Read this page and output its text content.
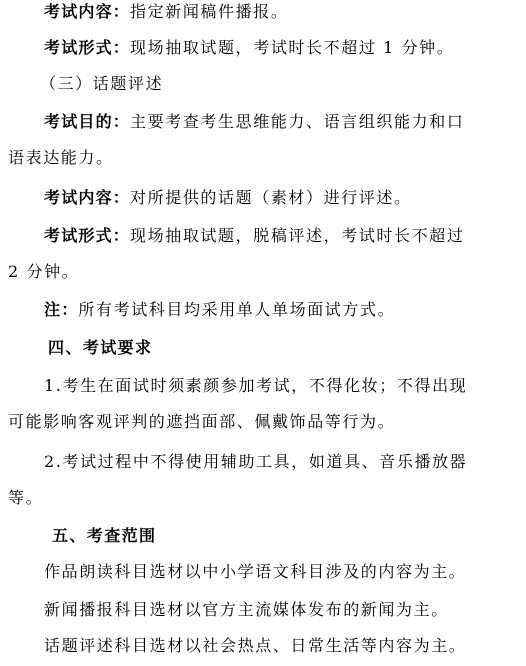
考试内容：指定新闻稿件播报。
考试形式：现场抽取试题，考试时长不超过 1 分钟。
（三）话题评述
考试目的：主要考查考生思维能力、语言组织能力和口
语表达能力。
考试内容：对所提供的话题（素材）进行评述。
考试形式：现场抽取试题，脱稿评述，考试时长不超过
2 分钟。
注：所有考试科目均采用单人单场面试方式。
四、考试要求
1.考生在面试时须素颜参加考试，不得化妆；不得出现
可能影响客观评判的遮挡面部、佩戴饰品等行为。
2.考试过程中不得使用辅助工具，如道具、音乐播放器
等。
五、考查范围
作品朗读科目选材以中小学语文科目涉及的内容为主。
新闻播报科目选材以官方主流媒体发布的新闻为主。
话题评述科目选材以社会热点、日常生活等内容为主。
